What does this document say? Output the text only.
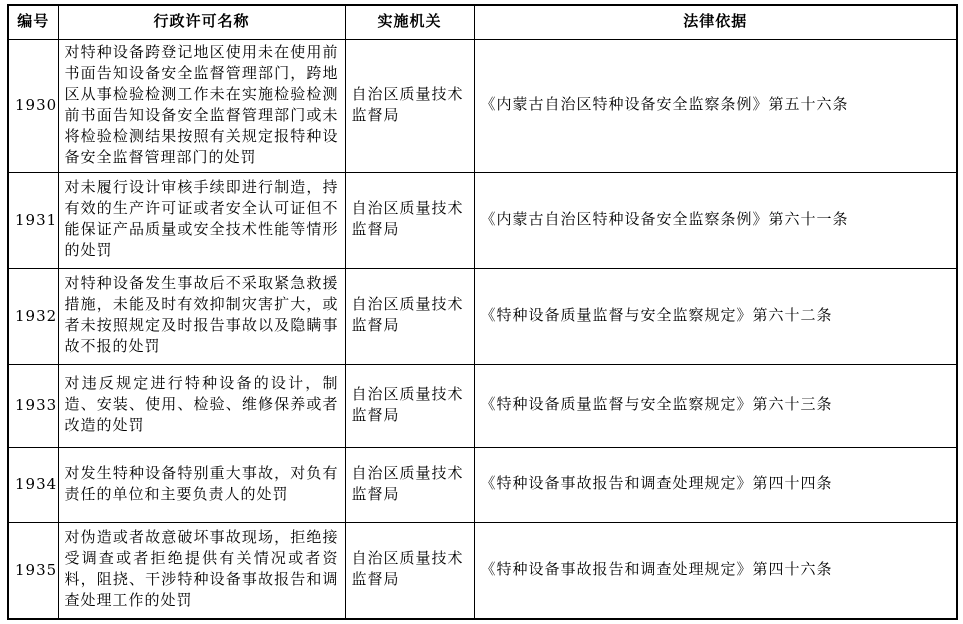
编号	行政许可名称	实施机关	法律依据
1930	对特种设备跨登记地区使用未在使用前书面告知设备安全监督管理部门，跨地区从事检验检测工作未在实施检验检测前书面告知设备安全监督管理部门或未将检验检测结果按照有关规定报特种设备安全监督管理部门的处罚	自治区质量技术监督局	《内蒙古自治区特种设备安全监察条例》第五十六条
1931	对未履行设计审核手续即进行制造，持有效的生产许可证或者安全认可证但不能保证产品质量或安全技术性能等情形的处罚	自治区质量技术监督局	《内蒙古自治区特种设备安全监察条例》第六十一条
1932	对特种设备发生事故后不采取紧急救援措施，未能及时有效抑制灾害扩大，或者未按照规定及时报告事故以及隐瞒事故不报的处罚	自治区质量技术监督局	《特种设备质量监督与安全监察规定》第六十二条
1933	对违反规定进行特种设备的设计，制造、安装、使用、检验、维修保养或者改造的处罚	自治区质量技术监督局	《特种设备质量监督与安全监察规定》第六十三条
1934	对发生特种设备特别重大事故，对负有责任的单位和主要负责人的处罚	自治区质量技术监督局	《特种设备事故报告和调查处理规定》第四十四条
1935	对伪造或者故意破坏事故现场，拒绝接受调查或者拒绝提供有关情况或者资料，阻挠、干涉特种设备事故报告和调查处理工作的处罚	自治区质量技术监督局	《特种设备事故报告和调查处理规定》第四十六条
